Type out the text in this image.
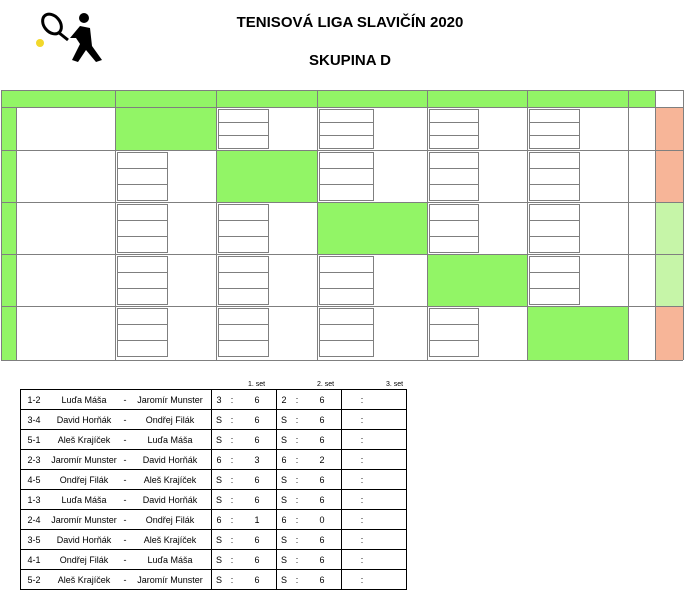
TENISOVÁ LIGA SLAVIČÍN 2020
SKUPINA D
1. set	2. set	3. set
1-2	Luďa Máša	-	Jaromír Munster	3	:	6	2	:	6		:	
3-4	David Horňák	-	Ondřej Filák	S	:	6	S	:	6		:	
5-1	Aleš Krajíček	-	Luďa Máša	S	:	6	S	:	6		:	
2-3	Jaromír Munster	-	David Horňák	6	:	3	6	:	2		:	
4-5	Ondřej Filák	-	Aleš Krajíček	S	:	6	S	:	6		:	
1-3	Luďa Máša	-	David Horňák	S	:	6	S	:	6		:	
2-4	Jaromír Munster	-	Ondřej Filák	6	:	1	6	:	0		:	
3-5	David Horňák	-	Aleš Krajíček	S	:	6	S	:	6		:	
4-1	Ondřej Filák	-	Luďa Máša	S	:	6	S	:	6		:	
5-2	Aleš Krajíček	-	Jaromír Munster	S	:	6	S	:	6		:	
